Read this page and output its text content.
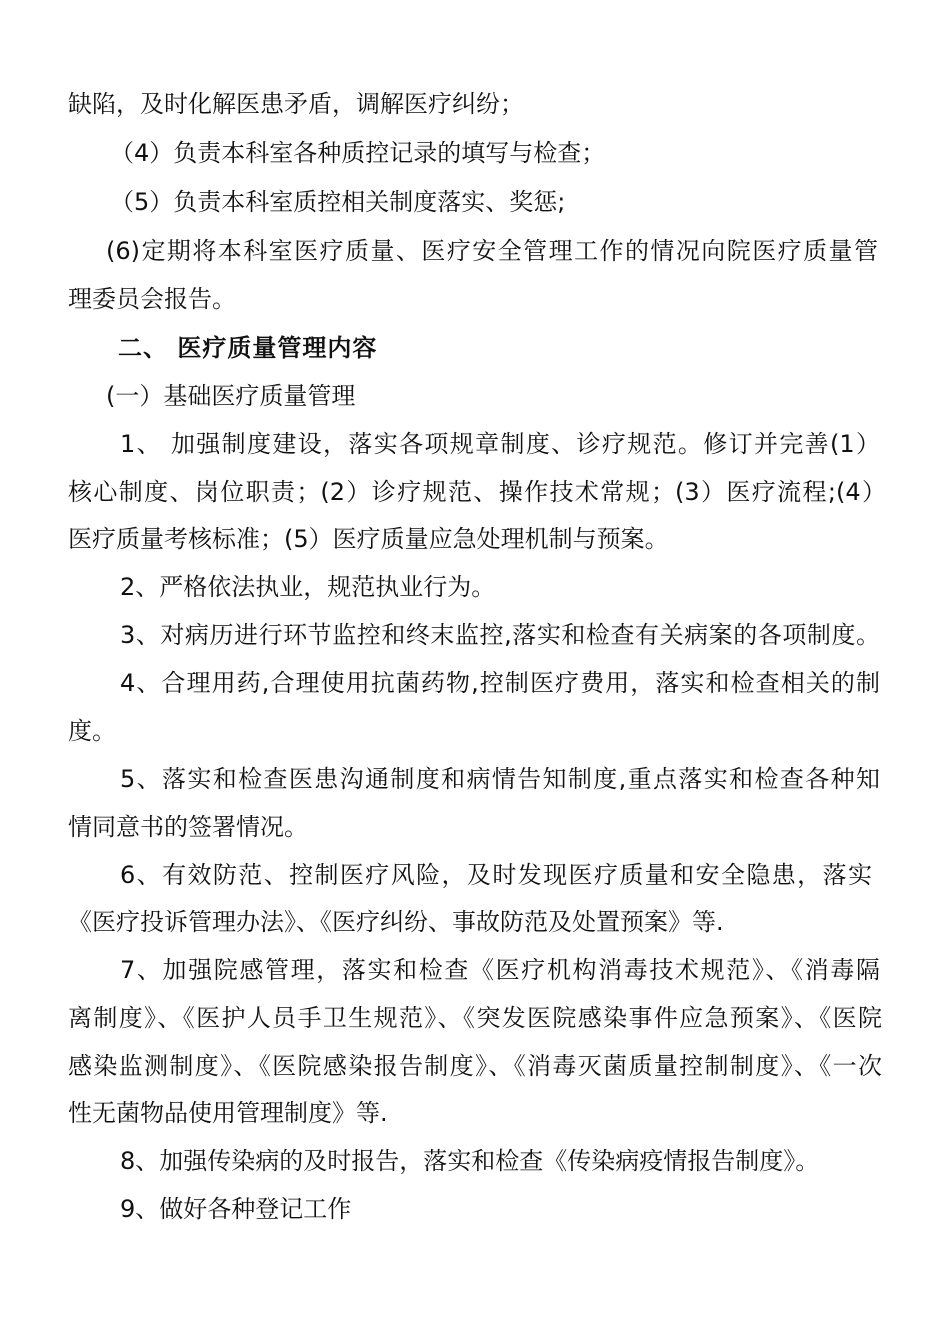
缺陷，及时化解医患矛盾，调解医疗纠纷；
（4）负责本科室各种质控记录的填写与检查；
（5）负责本科室质控相关制度落实、奖惩;
(6)定期将本科室医疗质量、医疗安全管理工作的情况向院医疗质量管
理委员会报告。
二、 医疗质量管理内容
(一）基础医疗质量管理
1、 加强制度建设，落实各项规章制度、诊疗规范。修订并完善(1）
核心制度、岗位职责；(2）诊疗规范、操作技术常规；(3）医疗流程;(4）
医疗质量考核标准；(5）医疗质量应急处理机制与预案。
2、严格依法执业，规范执业行为。
3、对病历进行环节监控和终末监控,落实和检查有关病案的各项制度。
4、合理用药,合理使用抗菌药物,控制医疗费用，落实和检查相关的制
度。
5、落实和检查医患沟通制度和病情告知制度,重点落实和检查各种知
情同意书的签署情况。
6、有效防范、控制医疗风险，及时发现医疗质量和安全隐患，落实
《医疗投诉管理办法》、《医疗纠纷、事故防范及处置预案》等.
7、加强院感管理，落实和检查《医疗机构消毒技术规范》、《消毒隔
离制度》、《医护人员手卫生规范》、《突发医院感染事件应急预案》、《医院
感染监测制度》、《医院感染报告制度》、《消毒灭菌质量控制制度》、《一次
性无菌物品使用管理制度》等.
8、加强传染病的及时报告，落实和检查《传染病疫情报告制度》。
9、做好各种登记工作
